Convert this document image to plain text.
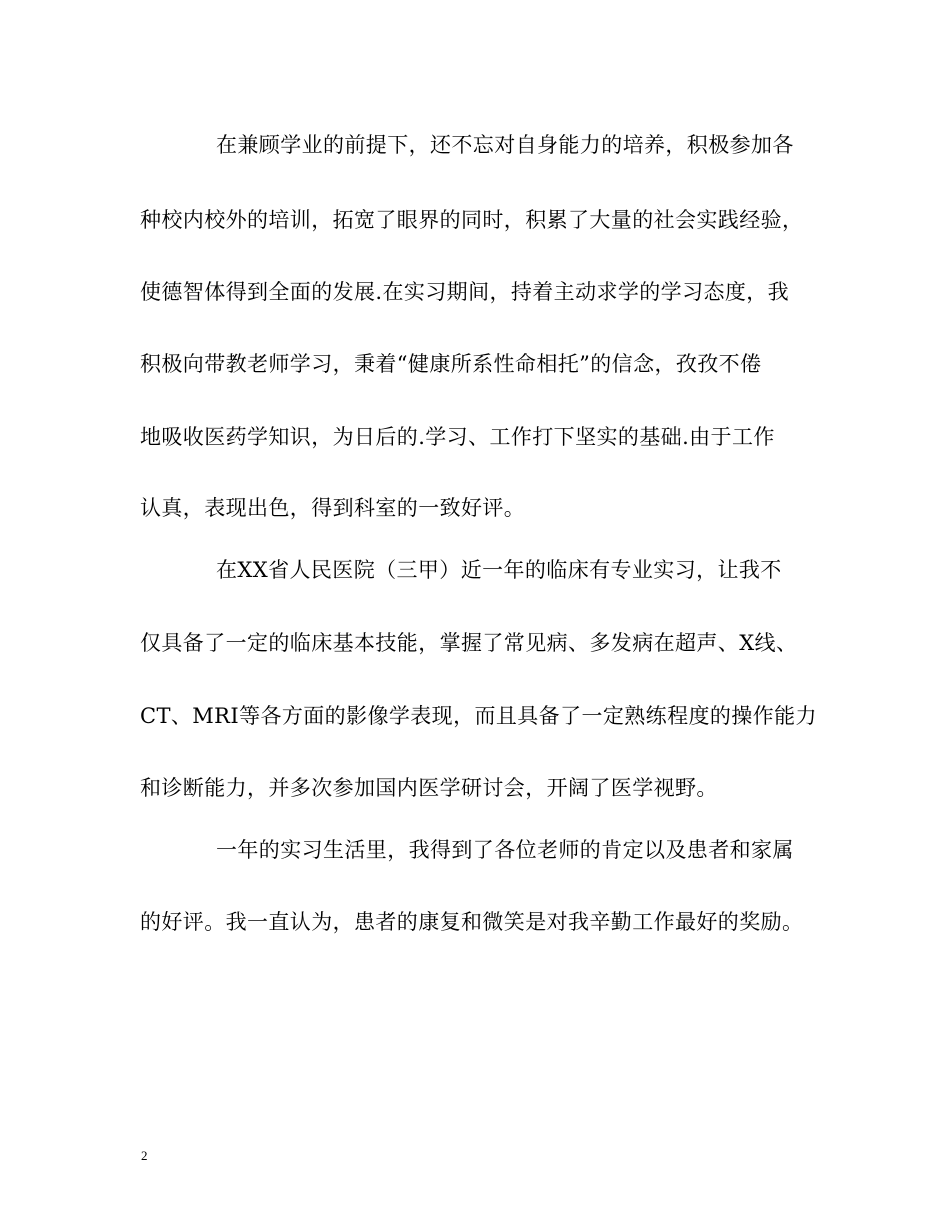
在兼顾学业的前提下，还不忘对自身能力的培养，积极参加各
种校内校外的培训，拓宽了眼界的同时，积累了大量的社会实践经验，
使德智体得到全面的发展.在实习期间，持着主动求学的学习态度，我
积极向带教老师学习，秉着“健康所系性命相托”的信念，孜孜不倦
地吸收医药学知识，为日后的.学习、工作打下坚实的基础.由于工作
认真，表现出色，得到科室的一致好评。
在XX省人民医院（三甲）近一年的临床有专业实习，让我不
仅具备了一定的临床基本技能，掌握了常见病、多发病在超声、X线、
CT、MRI等各方面的影像学表现，而且具备了一定熟练程度的操作能力
和诊断能力，并多次参加国内医学研讨会，开阔了医学视野。
一年的实习生活里，我得到了各位老师的肯定以及患者和家属
的好评。我一直认为，患者的康复和微笑是对我辛勤工作最好的奖励。
2
